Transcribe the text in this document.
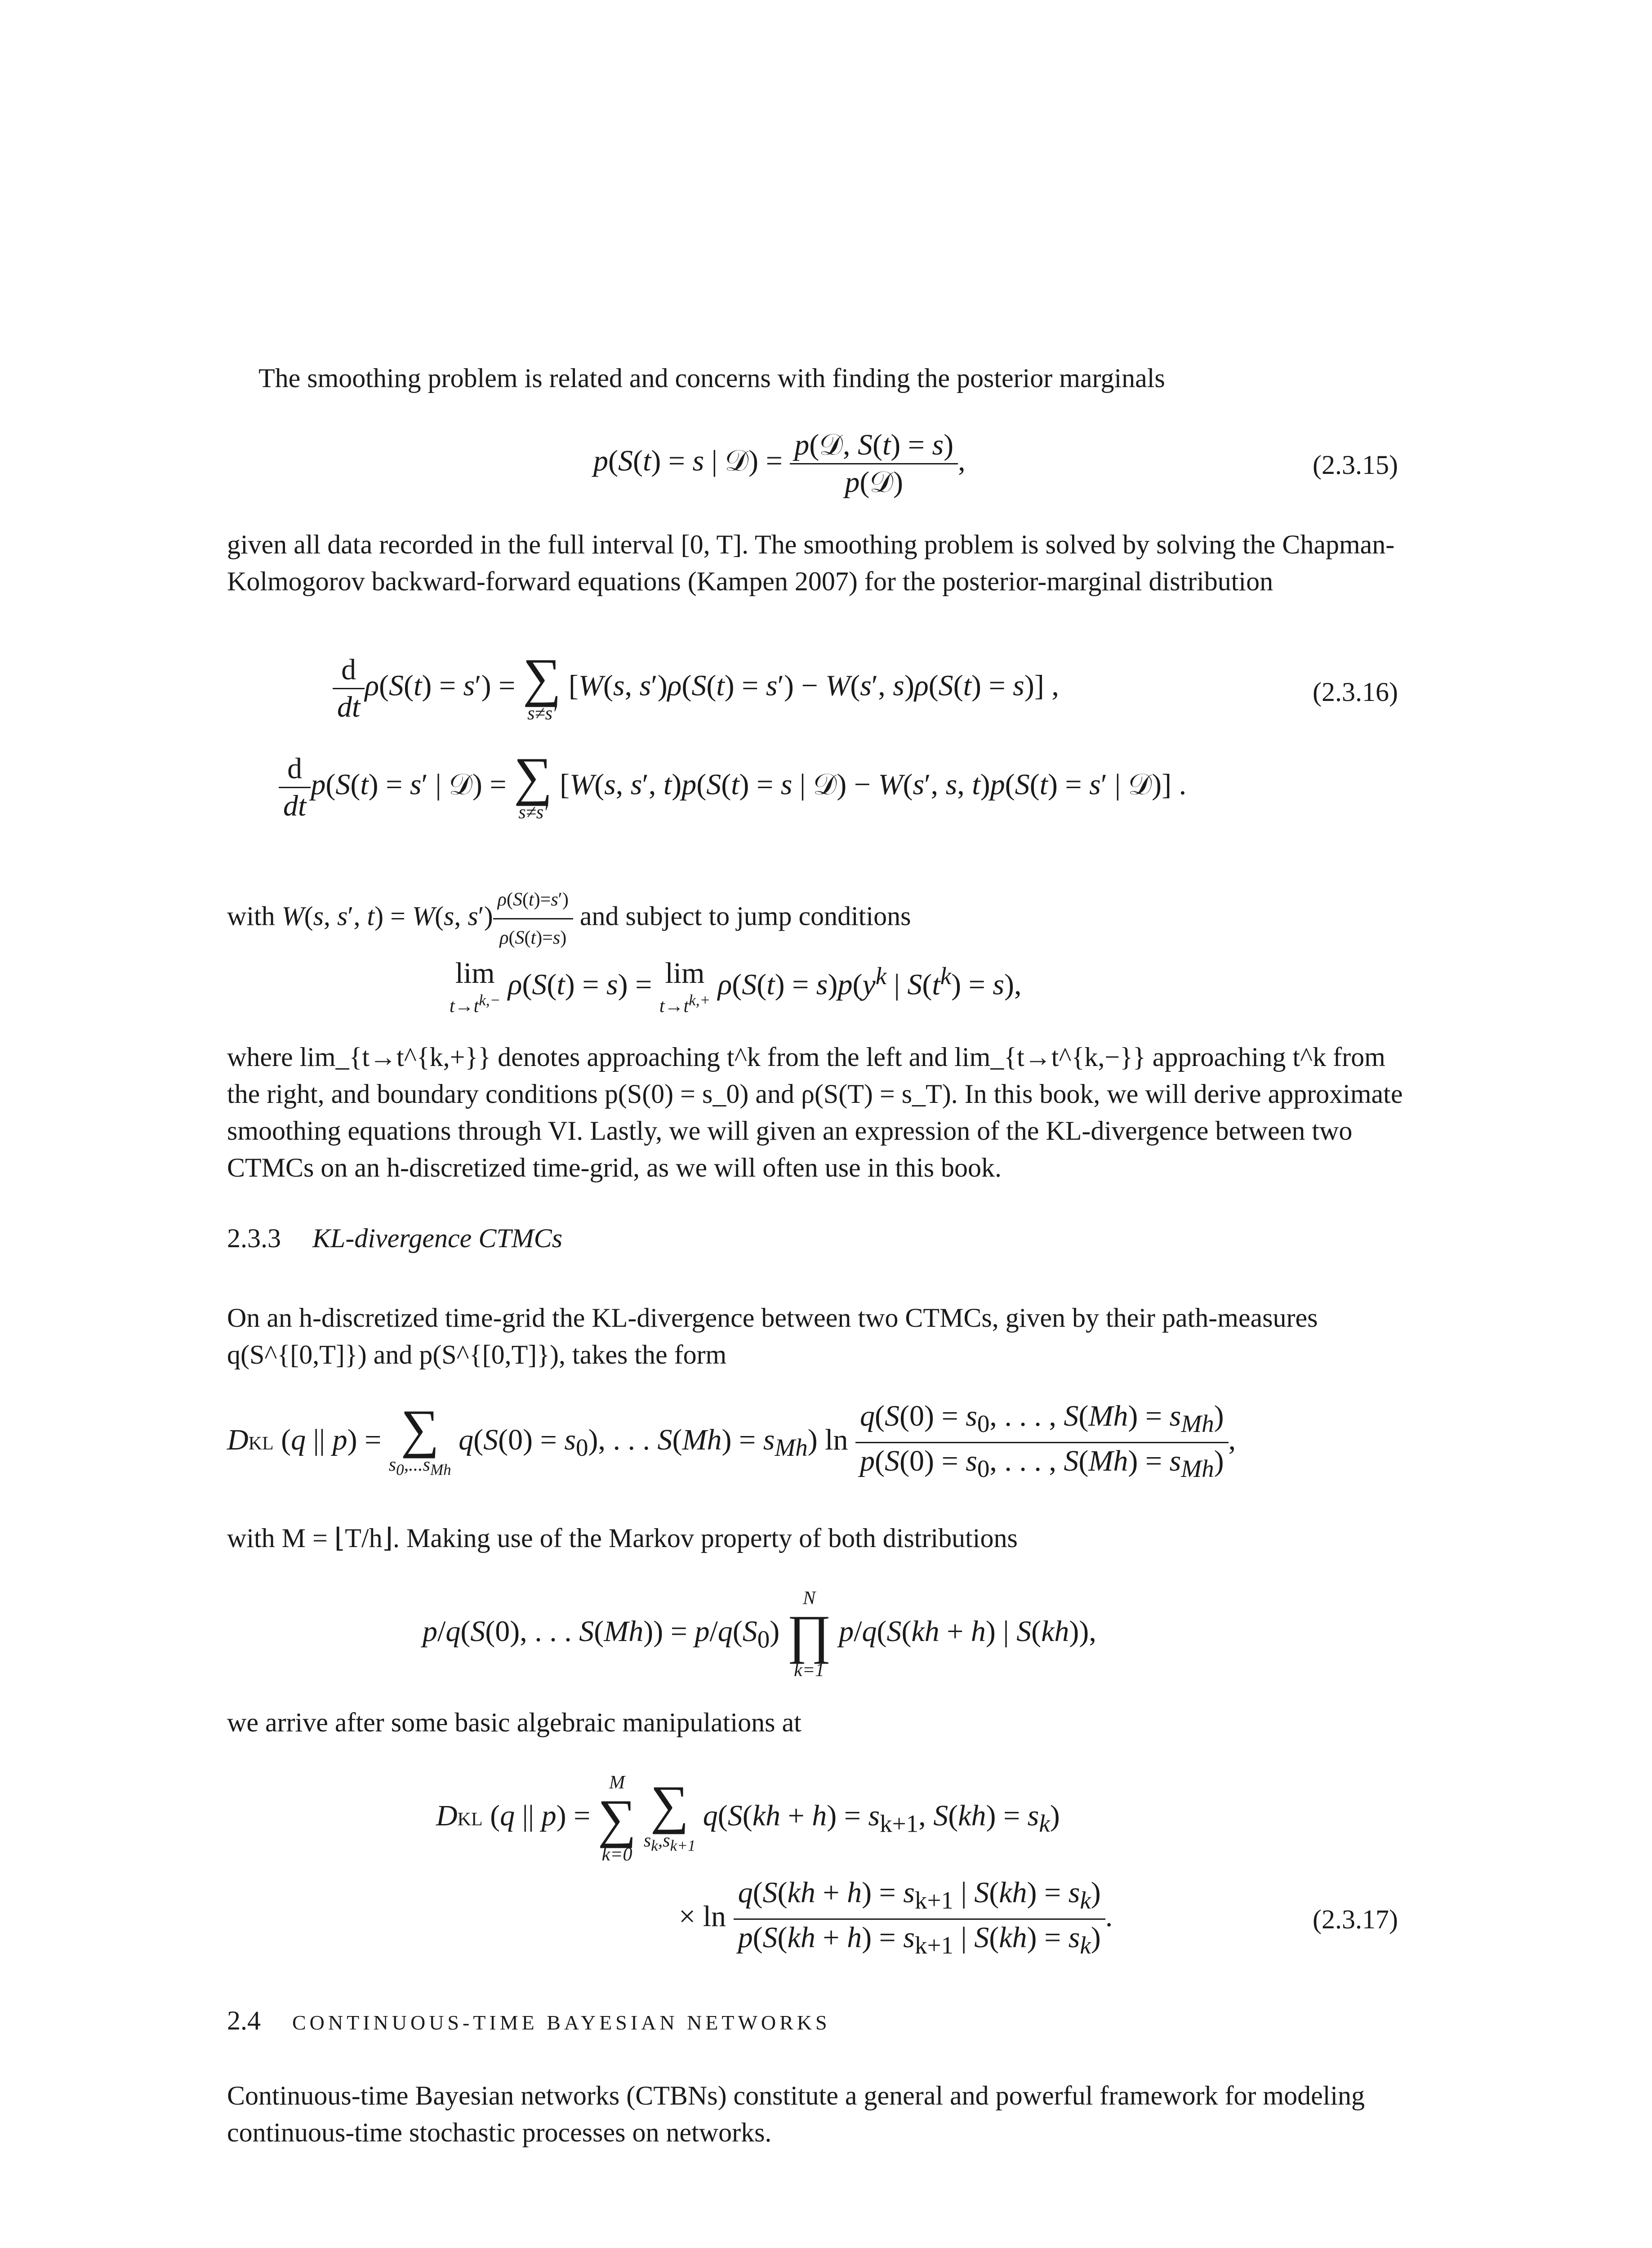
The smoothing problem is related and concerns with finding the posterior marginals
p(S(t) = s | 𝒟) = $\frac{\text{p(𝒟, S(t) = s)}}{\text{p(𝒟)}}$ ,	(2.3.15)
given all data recorded in the full interval [0, T]. The smoothing problem is solved by solving the Chapman-Kolmogorov backward-forward equations (Kampen 2007) for the posterior-marginal distribution
$\frac{d}{dt} \rho(S(t) = s')$ = ∑
s≠s′
[W(s, s′)ρ(S(t) = s′) − W(s′, s)ρ(S(t) = s)] ,	(2.3.16)
$\frac{d}{dt} p(S(t) = s'$ | 𝒟) = ∑
s≠s′
[W(s, s′, t)p(S(t) = s | 𝒟) − W(s′, s, t)p(S(t) = s′ | 𝒟)] .
with W(s, s′, t) = W(s, $s') \frac{\rho(S(t)=s')}{\rho(S(t)=s)}$ and subject to jump conditions
lim
$t\to t^{k,-}$ ρ(S(t) = s) = lim
$t\to t^{k,+}$ $\rho(S(t) = s)p(y^k$ | $S(t^k) = s$),
where lim_{t→t^{k,+}} denotes approaching t^k from the left and lim_{t→t^{k,−}} approaching t^k from the right, and boundary conditions p(S(0) = s_0) and ρ(S(T) = s_T). In this book, we will derive approximate smoothing equations through VI. Lastly, we will given an expression of the KL-divergence between two CTMCs on an h-discretized time-grid, as we will often use in this book.
2.3.3 KL-divergence CTMCs
On an h-discretized time-grid the KL-divergence between two CTMCs, given by their path-measures q(S^{[0,T]}) and p(S^{[0,T]}), takes the form
DKL (q || p) = ∑
$s_0,...s_{Mh}$
$q(S(0) = s_0)$, . . . $S(Mh) = s_{Mh}$) $\ln \frac{q(S(0) = s_0, . . . , S(Mh) = s_{Mh})}{p(S(0) = s_0, . . . , S(Mh) = s_{Mh})}$ ,
with M = ⌊T/h⌋. Making use of the Markov property of both distributions
p/q(S(0), . . . $S(Mh)) = p/q(S_0)$
N
∏
k=1
p/q(S(kh + h) | S(kh)),
we arrive after some basic algebraic manipulations at
DKL (q || p) =
M
∑
k=0

∑
$s_k,s_{k+1}$
$q(S(kh + h) = s_{k+1}$, $S(kh) = s_k$)
× $\ln \frac{q(S(kh + h) = s_{k+1} | S(kh) = s_k)}{p(S(kh + h) = s_{k+1} | S(kh) = s_k)}$ .	(2.3.17)
2.4 CONTINUOUS-TIME BAYESIAN NETWORKS
Continuous-time Bayesian networks (CTBNs) constitute a general and powerful framework for modeling continuous-time stochastic processes on networks.
